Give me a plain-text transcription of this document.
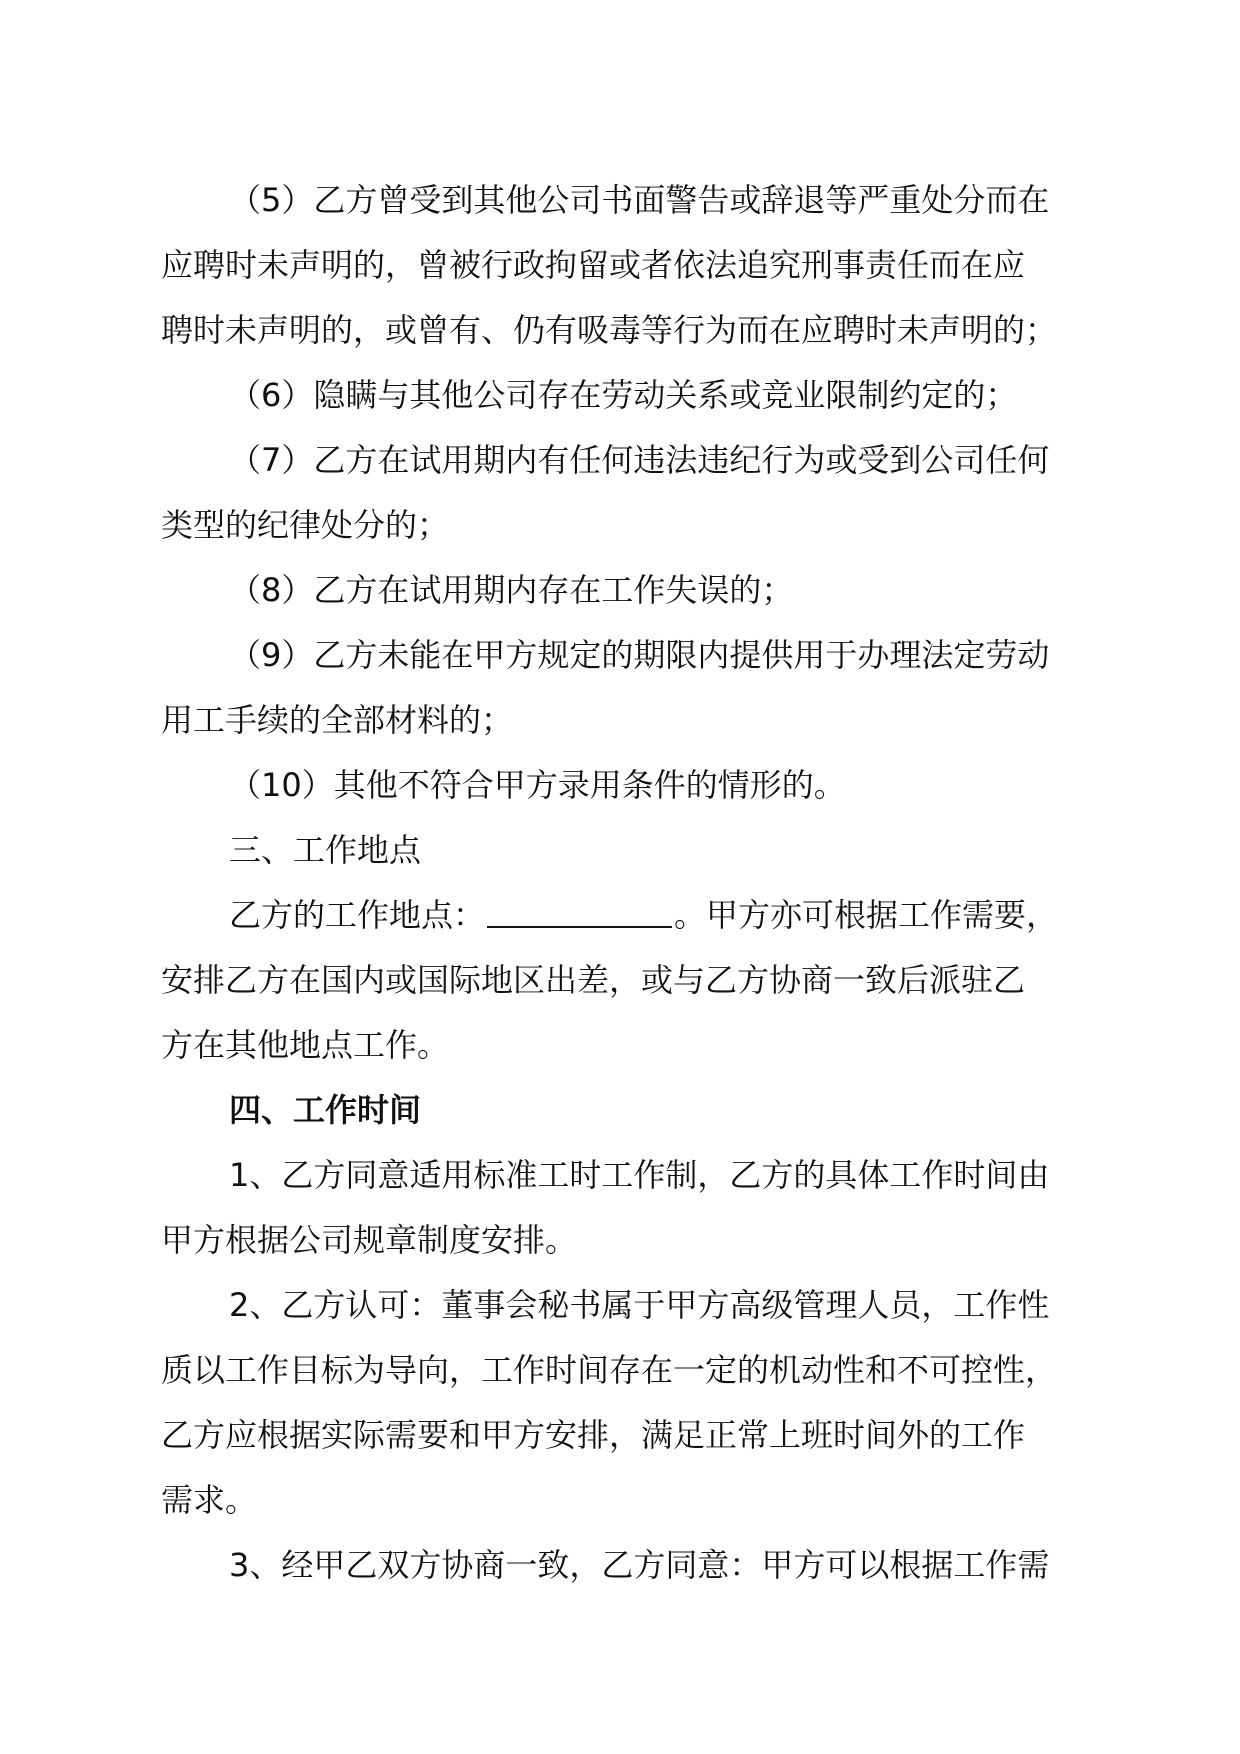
（5）乙方曾受到其他公司书面警告或辞退等严重处分而在

应聘时未声明的，曾被行政拘留或者依法追究刑事责任而在应

聘时未声明的，或曾有、仍有吸毒等行为而在应聘时未声明的；

（6）隐瞒与其他公司存在劳动关系或竞业限制约定的；

（7）乙方在试用期内有任何违法违纪行为或受到公司任何

类型的纪律处分的；

（8）乙方在试用期内存在工作失误的；

（9）乙方未能在甲方规定的期限内提供用于办理法定劳动

用工手续的全部材料的；

（10）其他不符合甲方录用条件的情形的。

三、工作地点

乙方的工作地点：	。甲方亦可根据工作需要，

安排乙方在国内或国际地区出差，或与乙方协商一致后派驻乙

方在其他地点工作。

四、工作时间

1、乙方同意适用标准工时工作制，乙方的具体工作时间由

甲方根据公司规章制度安排。

2、乙方认可：董事会秘书属于甲方高级管理人员，工作性

质以工作目标为导向，工作时间存在一定的机动性和不可控性，

乙方应根据实际需要和甲方安排，满足正常上班时间外的工作

需求。

3、经甲乙双方协商一致，乙方同意：甲方可以根据工作需
